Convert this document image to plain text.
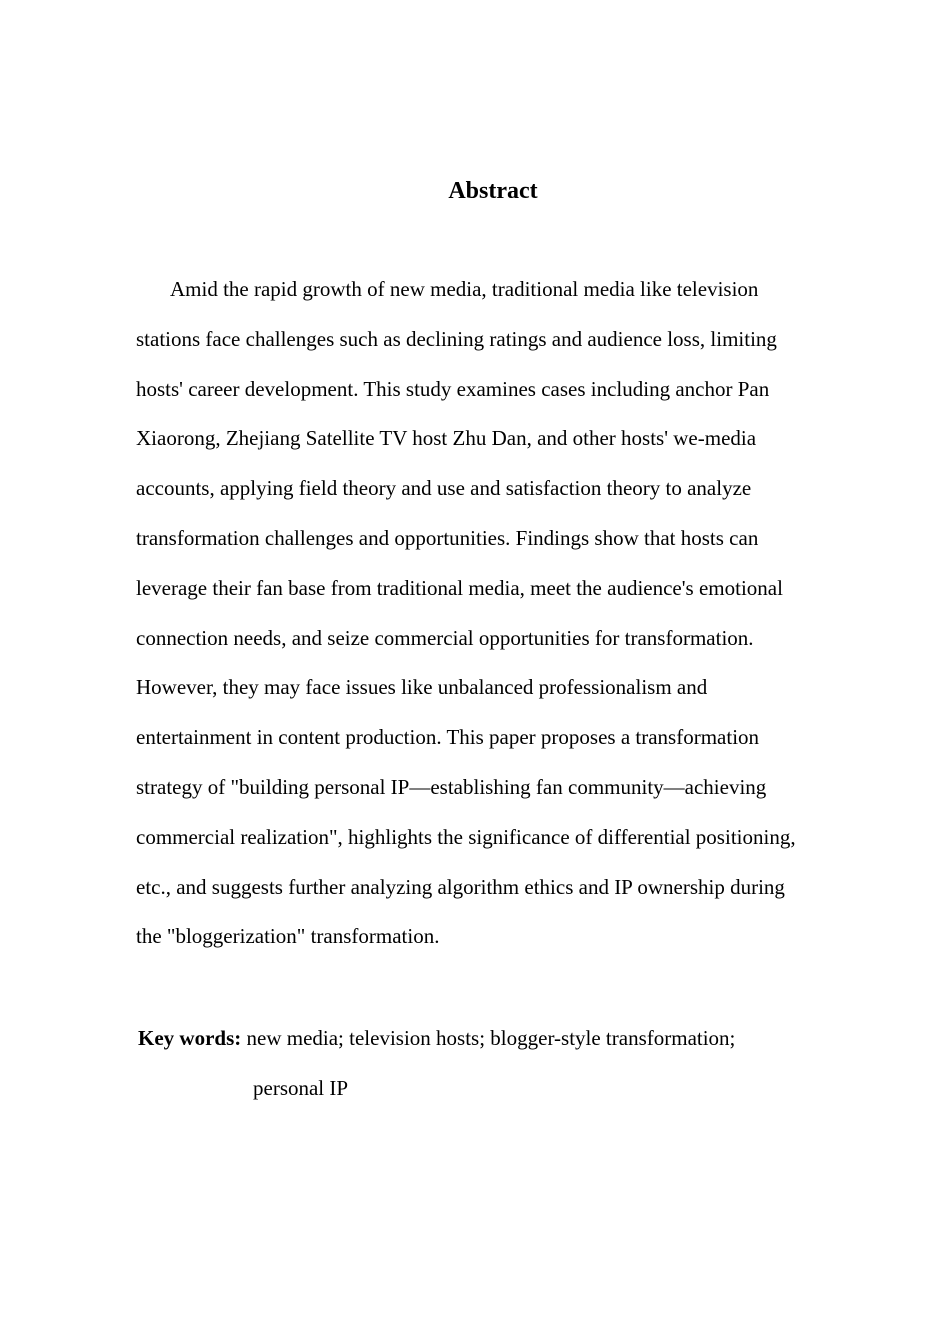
Abstract
Amid the rapid growth of new media, traditional media like television
stations face challenges such as declining ratings and audience loss, limiting
hosts' career development. This study examines cases including anchor Pan
Xiaorong, Zhejiang Satellite TV host Zhu Dan, and other hosts' we-media
accounts, applying field theory and use and satisfaction theory to analyze
transformation challenges and opportunities. Findings show that hosts can
leverage their fan base from traditional media, meet the audience's emotional
connection needs, and seize commercial opportunities for transformation.
However, they may face issues like unbalanced professionalism and
entertainment in content production. This paper proposes a transformation
strategy of "building personal IP—establishing fan community—achieving
commercial realization", highlights the significance of differential positioning,
etc., and suggests further analyzing algorithm ethics and IP ownership during
the "bloggerization" transformation.
Key words: new media; television hosts; blogger-style transformation;
personal IP
